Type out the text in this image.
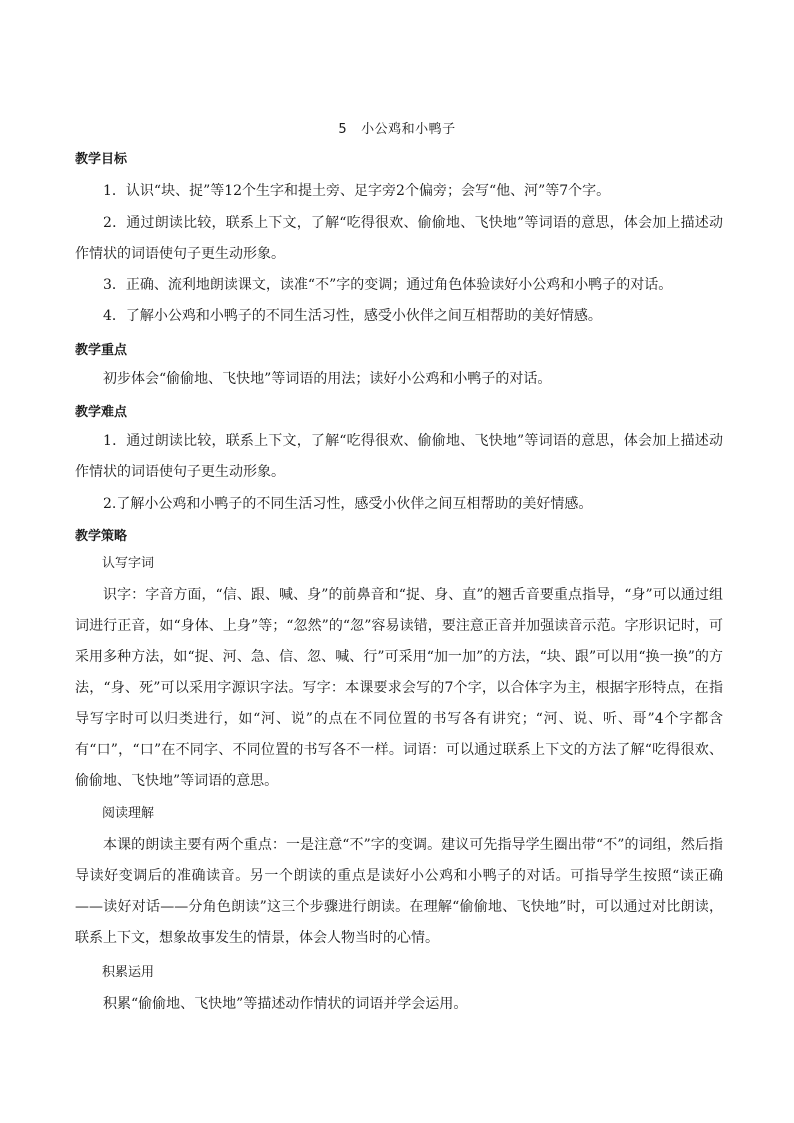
5 小公鸡和小鸭子
教学目标

1．认识“块、捉”等12个生字和提土旁、足字旁2个偏旁；会写“他、河”等7个字。

2．通过朗读比较，联系上下文，了解“吃得很欢、偷偷地、飞快地”等词语的意思，体会加上描述动作情状的词语使句子更生动形象。

3．正确、流利地朗读课文，读准“不”字的变调；通过角色体验读好小公鸡和小鸭子的对话。

4．了解小公鸡和小鸭子的不同生活习性，感受小伙伴之间互相帮助的美好情感。

教学重点

初步体会“偷偷地、飞快地”等词语的用法；读好小公鸡和小鸭子的对话。

教学难点

1．通过朗读比较，联系上下文，了解“吃得很欢、偷偷地、飞快地”等词语的意思，体会加上描述动作情状的词语使句子更生动形象。

2.了解小公鸡和小鸭子的不同生活习性，感受小伙伴之间互相帮助的美好情感。

教学策略
认写字词

识字：字音方面，“信、跟、喊、身”的前鼻音和“捉、身、直”的翘舌音要重点指导，“身”可以通过组词进行正音，如“身体、上身”等；“忽然”的“忽”容易读错，要注意正音并加强读音示范。字形识记时，可采用多种方法，如“捉、河、急、信、忽、喊、行”可采用“加一加”的方法，“块、跟”可以用“换一换”的方法，“身、死”可以采用字源识字法。写字：本课要求会写的7个字，以合体字为主，根据字形特点，在指导写字时可以归类进行，如“河、说”的点在不同位置的书写各有讲究；“河、说、听、哥”4个字都含有“口”，“口”在不同字、不同位置的书写各不一样。词语：可以通过联系上下文的方法了解“吃得很欢、偷偷地、飞快地”等词语的意思。

阅读理解

本课的朗读主要有两个重点：一是注意“不”字的变调。建议可先指导学生圈出带“不”的词组，然后指导读好变调后的准确读音。另一个朗读的重点是读好小公鸡和小鸭子的对话。可指导学生按照“读正确——读好对话——分角色朗读”这三个步骤进行朗读。在理解“偷偷地、飞快地”时，可以通过对比朗读，联系上下文，想象故事发生的情景，体会人物当时的心情。

积累运用

积累“偷偷地、飞快地”等描述动作情状的词语并学会运用。
